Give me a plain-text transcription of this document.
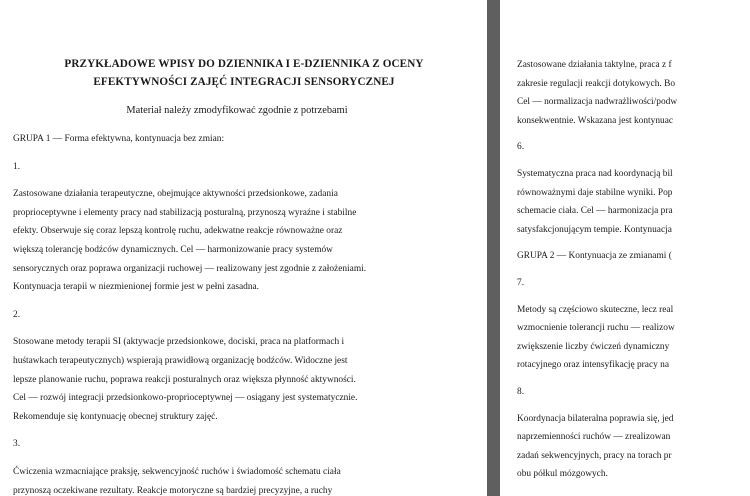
PRZYKŁADOWE WPISY DO DZIENNIKA I E-DZIENNIKA Z OCENY
EFEKTYWNOŚCI ZAJĘĆ INTEGRACJI SENSORYCZNEJ

Materiał należy zmodyfikować zgodnie z potrzebami

GRUPA 1 — Forma efektywna, kontynuacja bez zmian:

1.

Zastosowane działania terapeutyczne, obejmujące aktywności przedsionkowe, zadania
proprioceptywne i elementy pracy nad stabilizacją posturalną, przynoszą wyraźne i stabilne
efekty. Obserwuje się coraz lepszą kontrolę ruchu, adekwatne reakcje równoważne oraz
większą tolerancję bodźców dynamicznych. Cel — harmonizowanie pracy systemów
sensorycznych oraz poprawa organizacji ruchowej — realizowany jest zgodnie z założeniami.
Kontynuacja terapii w niezmienionej formie jest w pełni zasadna.

2.

Stosowane metody terapii SI (aktywacje przedsionkowe, dociski, praca na platformach i
huśtawkach terapeutycznych) wspierają prawidłową organizację bodźców. Widoczne jest
lepsze planowanie ruchu, poprawa reakcji posturalnych oraz większa płynność aktywności.
Cel — rozwój integracji przedsionkowo-proprioceptywnej — osiągany jest systematycznie.
Rekomenduje się kontynuację obecnej struktury zajęć.

3.

Ćwiczenia wzmacniające praksję, sekwencyjność ruchów i świadomość schematu ciała
przynoszą oczekiwane rezultaty. Reakcje motoryczne są bardziej precyzyjne, a ruchy

Zastosowane działania taktylne, praca z f
zakresie regulacji reakcji dotykowych. Bo
Cel — normalizacja nadwrażliwości/podw
konsekwentnie. Wskazana jest kontynuac

6.

Systematyczna praca nad koordynacją bil
równoważnymi daje stabilne wyniki. Pop
schemacie ciała. Cel — harmonizacja pra
satysfakcjonującym tempie. Kontynuacja

GRUPA 2 — Kontynuacja ze zmianami (

7.

Metody są częściowo skuteczne, lecz real
wzmocnienie tolerancji ruchu — realizow
zwiększenie liczby ćwiczeń dynamiczny
rotacyjnego oraz intensyfikację pracy na

8.

Koordynacja bilateralna poprawia się, jed
naprzemienności ruchów — zrealizowan
zadań sekwencyjnych, pracy na torach pr
obu półkul mózgowych.
